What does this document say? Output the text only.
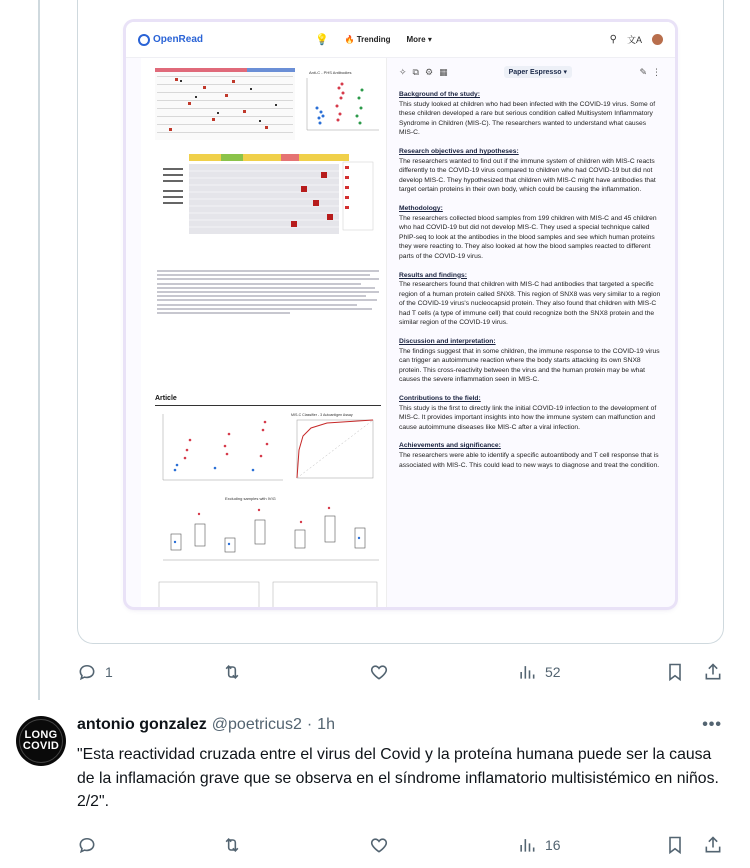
OpenRead	💡 🔥 Trending More ▾	⚲ 文A
Anti-C - PHS Antibodies
Article
MIS-C Classifier - 3 Autoantigen Assay
Excluding samples with IVIG
✧ ⧉ ⚙ ▦	Paper Espresso ▾	✎ ⋮
Background of the study:
This study looked at children who had been infected with the COVID-19 virus. Some of these children developed a rare but serious condition called Multisystem Inflammatory Syndrome in Children (MIS-C). The researchers wanted to understand what causes MIS-C.
Research objectives and hypotheses:
The researchers wanted to find out if the immune system of children with MIS-C reacts differently to the COVID-19 virus compared to children who had COVID-19 but did not develop MIS-C. They hypothesized that children with MIS-C might have antibodies that target certain proteins in their own body, which could be causing the inflammation.
Methodology:
The researchers collected blood samples from 199 children with MIS-C and 45 children who had COVID-19 but did not develop MIS-C. They used a special technique called PhIP-seq to look at the antibodies in the blood samples and see which human proteins they were reacting to. They also looked at how the blood samples reacted to different parts of the COVID-19 virus.
Results and findings:
The researchers found that children with MIS-C had antibodies that targeted a specific region of a human protein called SNX8. This region of SNX8 was very similar to a region of the COVID-19 virus's nucleocapsid protein. They also found that children with MIS-C had T cells (a type of immune cell) that could recognize both the SNX8 protein and the similar region of the COVID-19 virus.
Discussion and interpretation:
The findings suggest that in some children, the immune response to the COVID-19 virus can trigger an autoimmune reaction where the body starts attacking its own SNX8 protein. This cross-reactivity between the virus and the human protein may be what causes the severe inflammation seen in MIS-C.
Contributions to the field:
This study is the first to directly link the initial COVID-19 infection to the development of MIS-C. It provides important insights into how the immune system can malfunction and cause autoimmune diseases like MIS-C after a viral infection.
Achievements and significance:
The researchers were able to identify a specific autoantibody and T cell response that is associated with MIS-C. This could lead to new ways to diagnose and treat the condition.
1	52
LONG
COVID
antonio gonzalez @poetricus2 · 1h	•••
"Esta reactividad cruzada entre el virus del Covid y la proteína humana puede ser la causa de la inflamación grave que se observa en el síndrome inflamatorio multisistémico en niños. 2/2".
16
